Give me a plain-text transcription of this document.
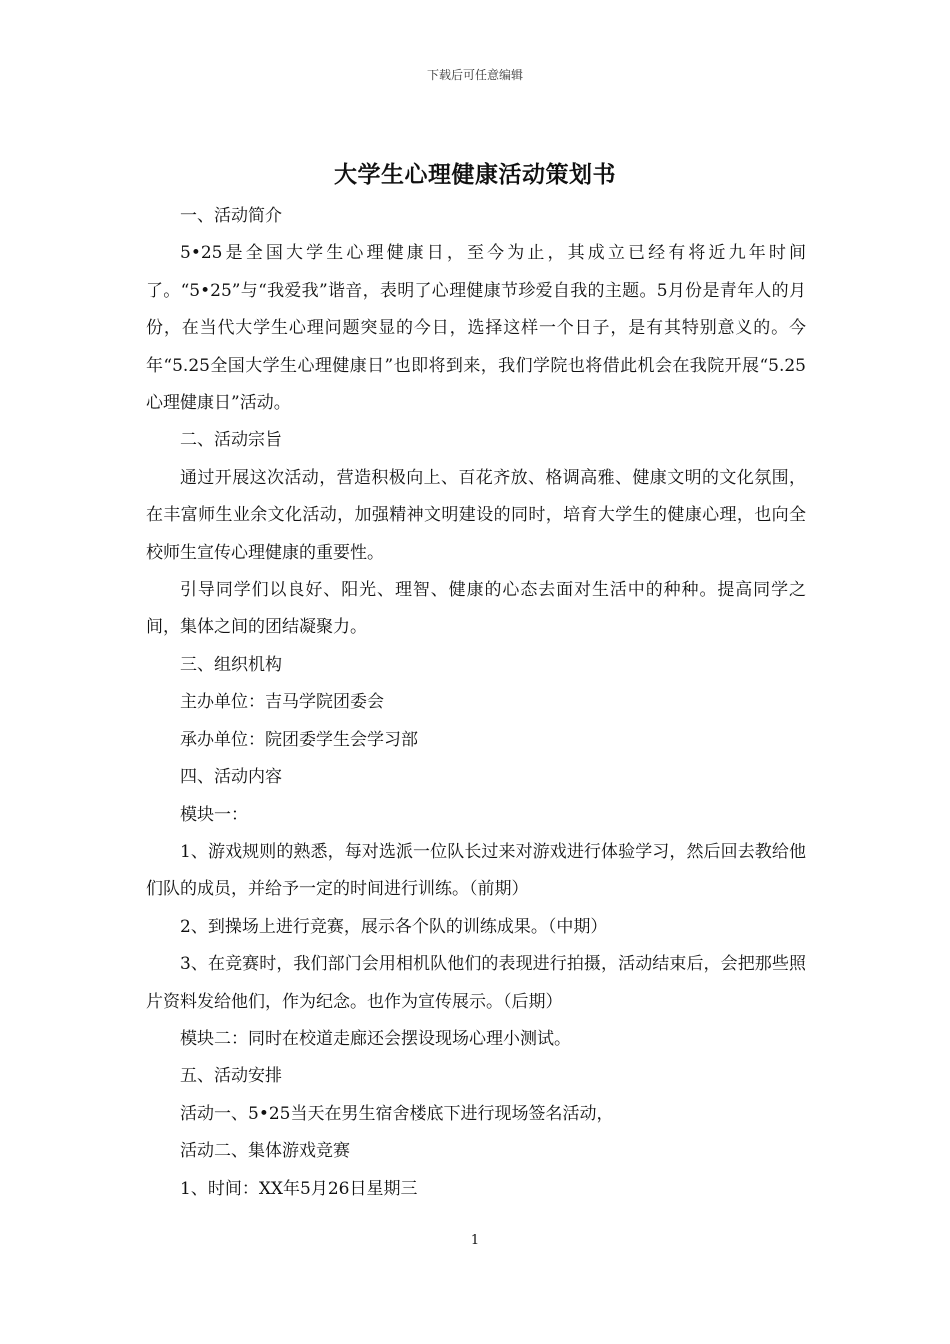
下载后可任意编辑
大学生心理健康活动策划书

一、活动简介

5•25是全国大学生心理健康日，至今为止，其成立已经有将近九年时间了。“5•25”与“我爱我”谐音，表明了心理健康节珍爱自我的主题。5月份是青年人的月份，在当代大学生心理问题突显的今日，选择这样一个日子，是有其特别意义的。今年“5.25全国大学生心理健康日”也即将到来，我们学院也将借此机会在我院开展“5.25心理健康日”活动。

二、活动宗旨

通过开展这次活动，营造积极向上、百花齐放、格调高雅、健康文明的文化氛围，在丰富师生业余文化活动，加强精神文明建设的同时，培育大学生的健康心理，也向全校师生宣传心理健康的重要性。

引导同学们以良好、阳光、理智、健康的心态去面对生活中的种种。提高同学之间，集体之间的团结凝聚力。

三、组织机构

主办单位：吉马学院团委会

承办单位：院团委学生会学习部

四、活动内容

模块一：

1、游戏规则的熟悉，每对选派一位队长过来对游戏进行体验学习，然后回去教给他们队的成员，并给予一定的时间进行训练。（前期）

2、到操场上进行竞赛，展示各个队的训练成果。（中期）

3、在竞赛时，我们部门会用相机队他们的表现进行拍摄，活动结束后，会把那些照片资料发给他们，作为纪念。也作为宣传展示。（后期）

模块二：同时在校道走廊还会摆设现场心理小测试。

五、活动安排

活动一、5•25当天在男生宿舍楼底下进行现场签名活动，

活动二、集体游戏竞赛

1、时间：XX年5月26日星期三

1
